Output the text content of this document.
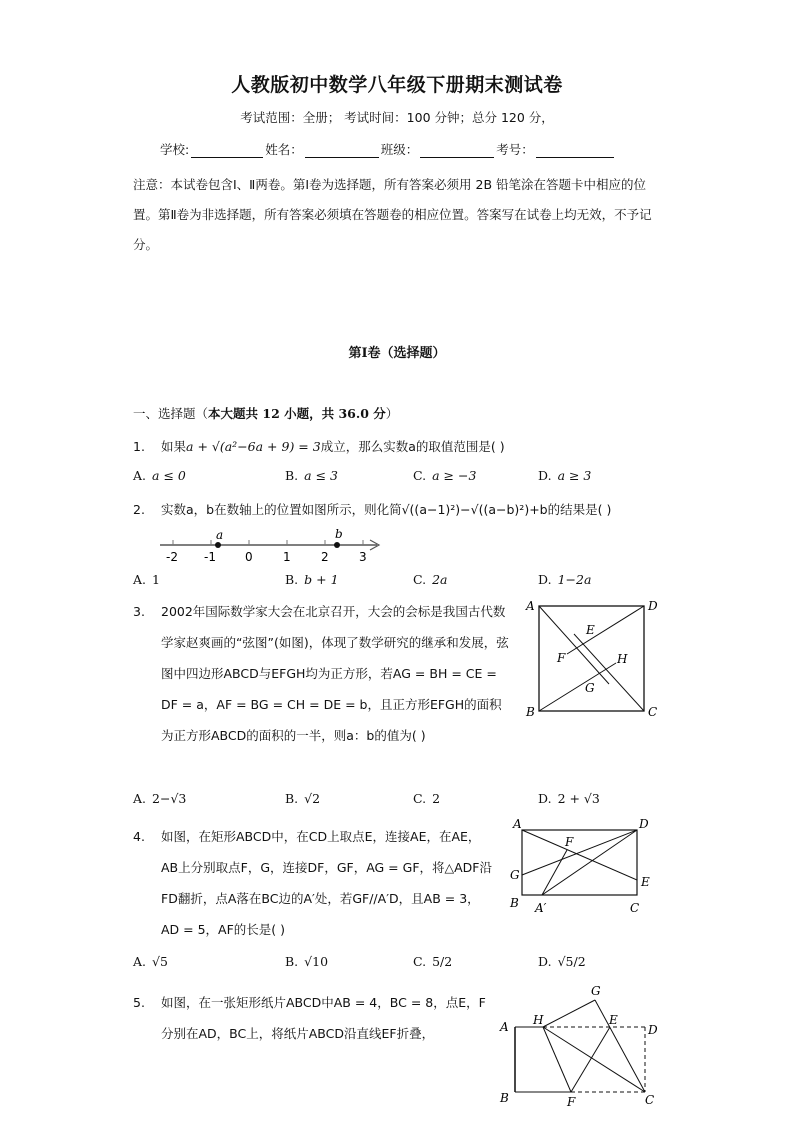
人教版初中数学八年级下册期末测试卷
考试范围：全册； 考试时间：100 分钟；总分 120 分，
学校:	姓名：	班级：	考号：
注意：本试卷包含Ⅰ、Ⅱ两卷。第Ⅰ卷为选择题，所有答案必须用 2B 铅笔涂在答题卡中相应的位置。第Ⅱ卷为非选择题，所有答案必须填在答题卷的相应位置。答案写在试卷上均无效，不予记分。
第Ⅰ卷（选择题）
一、选择题（本大题共 12 小题，共 36.0 分）
1. 如果a + √(a²−6a + 9) = 3成立，那么实数a的取值范围是( )
A. a ≤ 0	B. a ≤ 3	C. a ≥ −3	D. a ≥ 3
2. 实数a，b在数轴上的位置如图所示，则化简√((a−1)²)−√((a−b)²)+b的结果是( )
a	b
-2 -1 0	1	2	3
A. 1	B. b + 1	C. 2a	D. 1−2a
3. 2002年国际数学家大会在北京召开，大会的会标是我国古代数学家赵爽画的“弦图”(如图)，体现了数学研究的继承和发展，弦图中四边形ABCD与EFGH均为正方形，若AG = BH = CE = DF = a，AF = BG = CH = DE = b，且正方形EFGH的面积为正方形ABCD的面积的一半，则a：b的值为( )
A	D
B	C
E
F	H
G
A. 2−√3	B. √2	C. 2	D. 2 + √3
4. 如图，在矩形ABCD中，在CD上取点E，连接AE，在AE，AB上分别取点F，G，连接DF，GF，AG = GF，将△ADF沿FD翻折，点A落在BC边的A′处，若GF//A′D，且AB = 3，AD = 5，AF的长是( )
A	D
F
G	E
B A′	C
A. √5	B. √10	C. 5/2	D. √5/2
5. 如图，在一张矩形纸片ABCD中AB = 4，BC = 8，点E，F分别在AD，BC上，将纸片ABCD沿直线EF折叠，	A H
G
E
D
B	F	C
